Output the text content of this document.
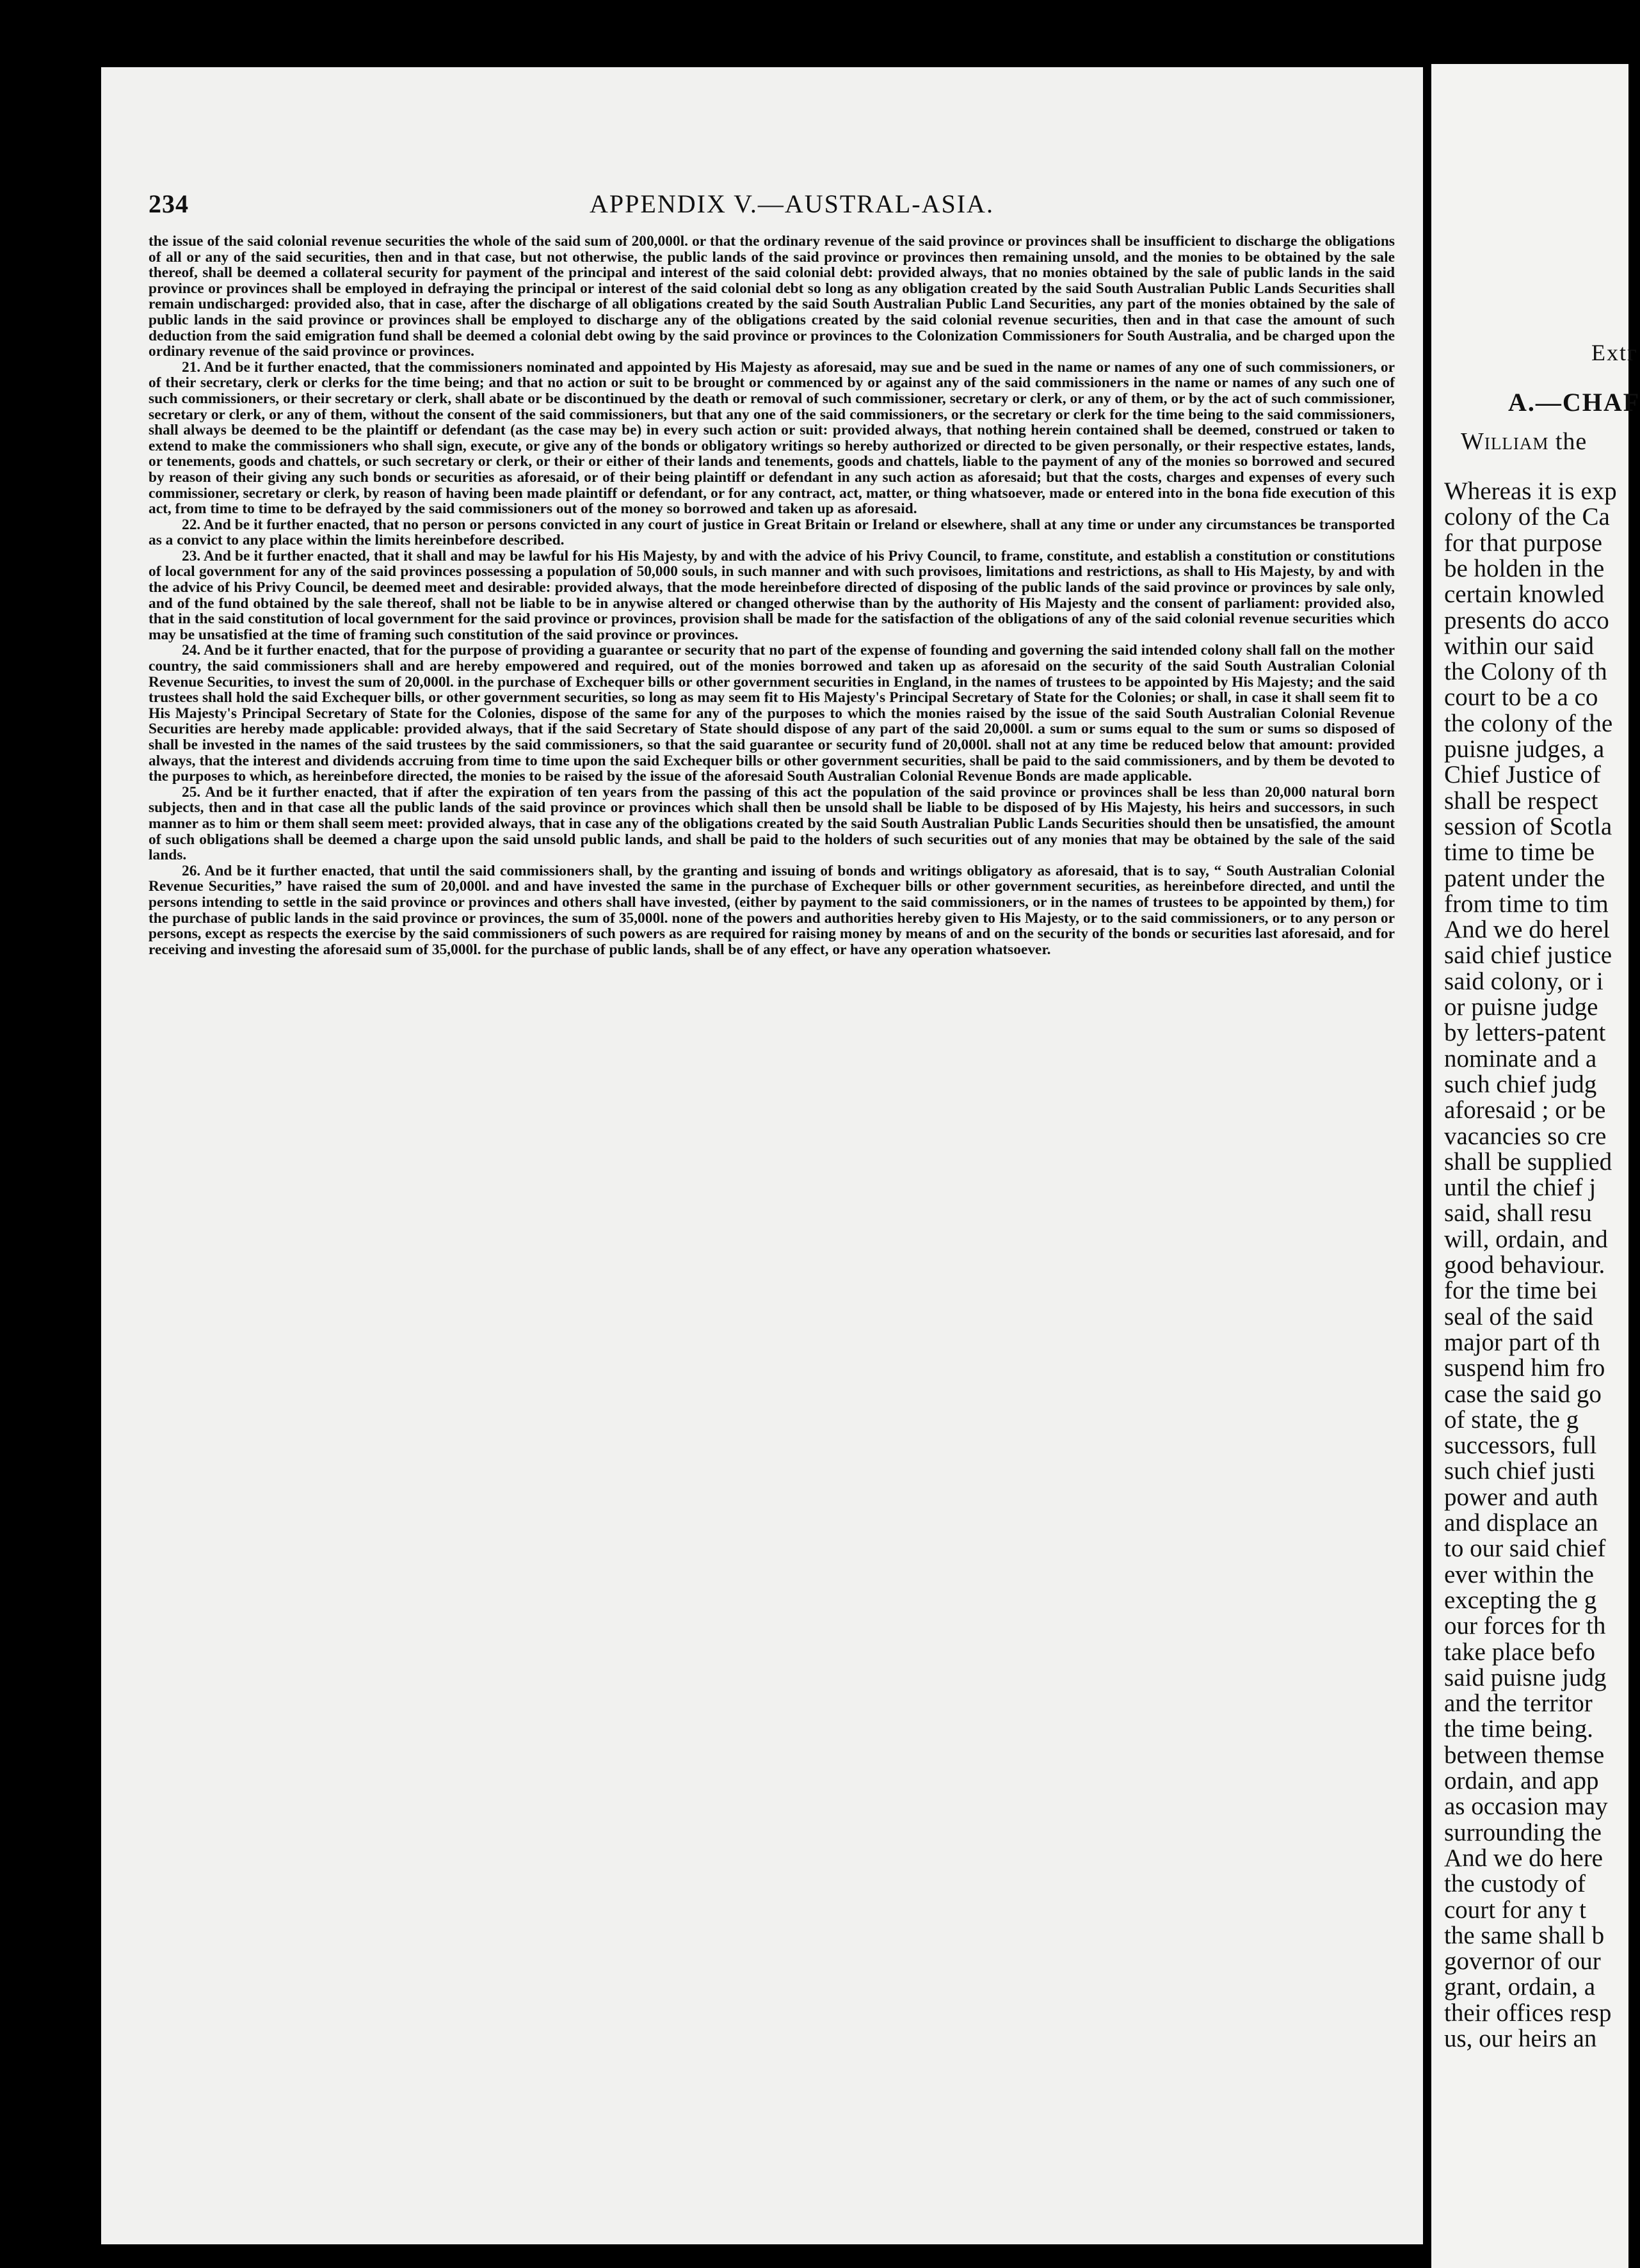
234	APPENDIX V.—AUSTRAL-ASIA.

the issue of the said colonial revenue securities the whole of the said sum of 200,000l. or that the ordinary revenue of the said province or provinces shall be insufficient to discharge the obligations of all or any of the said securities, then and in that case, but not otherwise, the public lands of the said province or provinces then remaining unsold, and the monies to be obtained by the sale thereof, shall be deemed a collateral security for payment of the principal and interest of the said colonial debt: provided always, that no monies obtained by the sale of public lands in the said province or provinces shall be employed in defraying the principal or interest of the said colonial debt so long as any obligation created by the said South Australian Public Lands Securities shall remain undischarged: provided also, that in case, after the discharge of all obligations created by the said South Australian Public Land Securities, any part of the monies obtained by the sale of public lands in the said province or provinces shall be employed to discharge any of the obligations created by the said colonial revenue securities, then and in that case the amount of such deduction from the said emigration fund shall be deemed a colonial debt owing by the said province or provinces to the Colonization Commissioners for South Australia, and be charged upon the ordinary revenue of the said province or provinces.

21. And be it further enacted, that the commissioners nominated and appointed by His Majesty as aforesaid, may sue and be sued in the name or names of any one of such commissioners, or of their secretary, clerk or clerks for the time being; and that no action or suit to be brought or commenced by or against any of the said commissioners in the name or names of any such one of such commissioners, or their secretary or clerk, shall abate or be discontinued by the death or removal of such commissioner, secretary or clerk, or any of them, or by the act of such commissioner, secretary or clerk, or any of them, without the consent of the said commissioners, but that any one of the said commissioners, or the secretary or clerk for the time being to the said commissioners, shall always be deemed to be the plaintiff or defendant (as the case may be) in every such action or suit: provided always, that nothing herein contained shall be deemed, construed or taken to extend to make the commissioners who shall sign, execute, or give any of the bonds or obligatory writings so hereby authorized or directed to be given personally, or their respective estates, lands, or tenements, goods and chattels, or such secretary or clerk, or their or either of their lands and tenements, goods and chattels, liable to the payment of any of the monies so borrowed and secured by reason of their giving any such bonds or securities as aforesaid, or of their being plaintiff or defendant in any such action as aforesaid; but that the costs, charges and expenses of every such commissioner, secretary or clerk, by reason of having been made plaintiff or defendant, or for any contract, act, matter, or thing whatsoever, made or entered into in the bona fide execution of this act, from time to time to be defrayed by the said commissioners out of the money so borrowed and taken up as aforesaid.

22. And be it further enacted, that no person or persons convicted in any court of justice in Great Britain or Ireland or elsewhere, shall at any time or under any circumstances be transported as a convict to any place within the limits hereinbefore described.

23. And be it further enacted, that it shall and may be lawful for his His Majesty, by and with the advice of his Privy Council, to frame, constitute, and establish a constitution or constitutions of local government for any of the said provinces possessing a population of 50,000 souls, in such manner and with such provisoes, limitations and restrictions, as shall to His Majesty, by and with the advice of his Privy Council, be deemed meet and desirable: provided always, that the mode hereinbefore directed of disposing of the public lands of the said province or provinces by sale only, and of the fund obtained by the sale thereof, shall not be liable to be in anywise altered or changed otherwise than by the authority of His Majesty and the consent of parliament: provided also, that in the said constitution of local government for the said province or provinces, provision shall be made for the satisfaction of the obligations of any of the said colonial revenue securities which may be unsatisfied at the time of framing such constitution of the said province or provinces.

24. And be it further enacted, that for the purpose of providing a guarantee or security that no part of the expense of founding and governing the said intended colony shall fall on the mother country, the said commissioners shall and are hereby empowered and required, out of the monies borrowed and taken up as aforesaid on the security of the said South Australian Colonial Revenue Securities, to invest the sum of 20,000l. in the purchase of Exchequer bills or other government securities in England, in the names of trustees to be appointed by His Majesty; and the said trustees shall hold the said Exchequer bills, or other government securities, so long as may seem fit to His Majesty's Principal Secretary of State for the Colonies; or shall, in case it shall seem fit to His Majesty's Principal Secretary of State for the Colonies, dispose of the same for any of the purposes to which the monies raised by the issue of the said South Australian Colonial Revenue Securities are hereby made applicable: provided always, that if the said Secretary of State should dispose of any part of the said 20,000l. a sum or sums equal to the sum or sums so disposed of shall be invested in the names of the said trustees by the said commissioners, so that the said guarantee or security fund of 20,000l. shall not at any time be reduced below that amount: provided always, that the interest and dividends accruing from time to time upon the said Exchequer bills or other government securities, shall be paid to the said commissioners, and by them be devoted to the purposes to which, as hereinbefore directed, the monies to be raised by the issue of the aforesaid South Australian Colonial Revenue Bonds are made applicable.

25. And be it further enacted, that if after the expiration of ten years from the passing of this act the population of the said province or provinces shall be less than 20,000 natural born subjects, then and in that case all the public lands of the said province or provinces which shall then be unsold shall be liable to be disposed of by His Majesty, his heirs and successors, in such manner as to him or them shall seem meet: provided always, that in case any of the obligations created by the said South Australian Public Lands Securities should then be unsatisfied, the amount of such obligations shall be deemed a charge upon the said unsold public lands, and shall be paid to the holders of such securities out of any monies that may be obtained by the sale of the said lands.

26. And be it further enacted, that until the said commissioners shall, by the granting and issuing of bonds and writings obligatory as aforesaid, that is to say, “ South Australian Colonial Revenue Securities,” have raised the sum of 20,000l. and and have invested the same in the purchase of Exchequer bills or other government securities, as hereinbefore directed, and until the persons intending to settle in the said province or provinces and others shall have invested, (either by payment to the said commissioners, or in the names of trustees to be appointed by them,) for the purchase of public lands in the said province or provinces, the sum of 35,000l. none of the powers and authorities hereby given to His Majesty, or to the said commissioners, or to any person or persons, except as respects the exercise by the said commissioners of such powers as are required for raising money by means of and on the security of the bonds or securities last aforesaid, and for receiving and investing the aforesaid sum of 35,000l. for the purchase of public lands, shall be of any effect, or have any operation whatsoever.

Extг
A.—CHAF
William the
Whereas it is exp
colony of the Ca
for that purpose
be holden in the
certain knowled
presents do acco
within our said
the Colony of th
court to be a co
the colony of the
puisne judges, a
Chief Justice of
shall be respect
session of Scotla
time to time be
patent under the
from time to tim
And we do herel
said chief justice
said colony, or i
or puisne judge
by letters-patent
nominate and a
such chief judg
aforesaid ; or be
vacancies so cre
shall be supplied
until the chief j
said, shall resu
will, ordain, and
good behaviour.
for the time bei
seal of the said
major part of th
suspend him fro
case the said go
of state, the g
successors, full
such chief justi
power and auth
and displace an
to our said chief
ever within the
excepting the g
our forces for th
take place befo
said puisne judg
and the territor
the time being.
between themse
ordain, and app
as occasion may
surrounding the
And we do here
the custody of
court for any t
the same shall b
governor of our
grant, ordain, a
their offices resp
us, our heirs an
